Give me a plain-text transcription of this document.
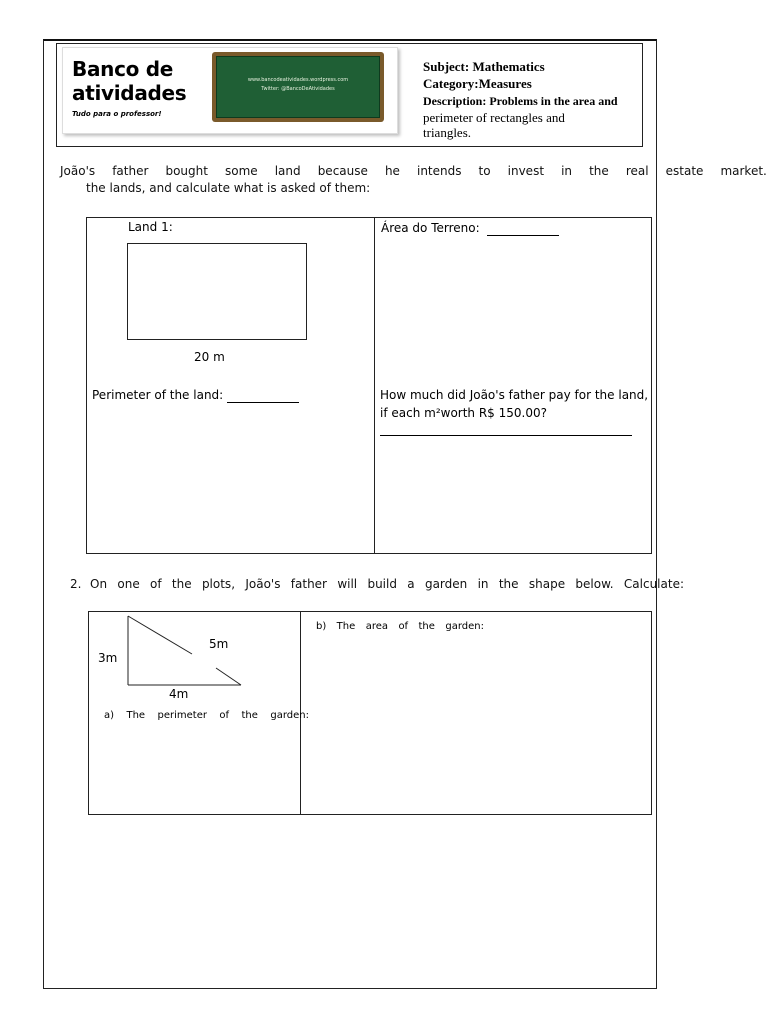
Banco de
atividades
Tudo para o professor!
www.bancodeatividades.wordpress.com
Twitter: @BancoDeAtividades
Subject: Mathematics
Category:Measures
Description: Problems in the area and
perimeter of rectangles and
triangles.
João's father bought some land because he intends to invest in the real estate market.
the lands, and calculate what is asked of them:
Land 1:
20 m
Perimeter of the land:
Área do Terreno:
How much did João's father pay for the land,
if each m²worth R$ 150.00?
2. On one of the plots, João's father will build a garden in the shape below. Calculate:
3m
5m
4m
a) The perimeter of the garden:
b) The area of the garden:
